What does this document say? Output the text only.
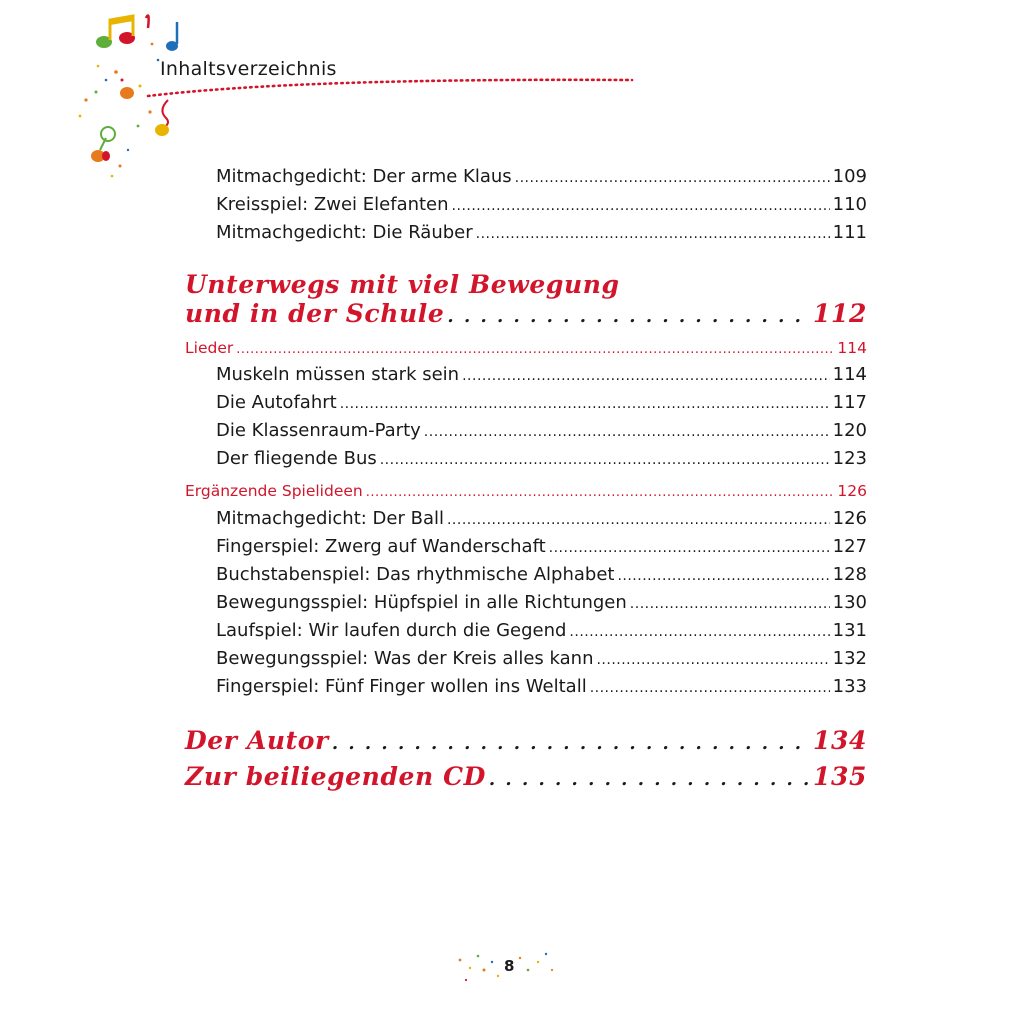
Inhaltsverzeichnis
Mitmachgedicht: Der arme Klaus .....	109
Kreisspiel: Zwei Elefanten .....	110
Mitmachgedicht: Die Räuber .....	111
Unterwegs mit viel Bewegung
und in der Schule . . .	112
Lieder .....	114
Muskeln müssen stark sein .....	114
Die Autofahrt .....	117
Die Klassenraum-Party .....	120
Der fliegende Bus .....	123
Ergänzende Spielideen .....	126
Mitmachgedicht: Der Ball .....	126
Fingerspiel: Zwerg auf Wanderschaft .....	127
Buchstabenspiel: Das rhythmische Alphabet .....	128
Bewegungsspiel: Hüpfspiel in alle Richtungen .....	130
Laufspiel: Wir laufen durch die Gegend .....	131
Bewegungsspiel: Was der Kreis alles kann .....	132
Fingerspiel: Fünf Finger wollen ins Weltall .....	133
Der Autor . . .	134
Zur beiliegenden CD . . .	135
8
